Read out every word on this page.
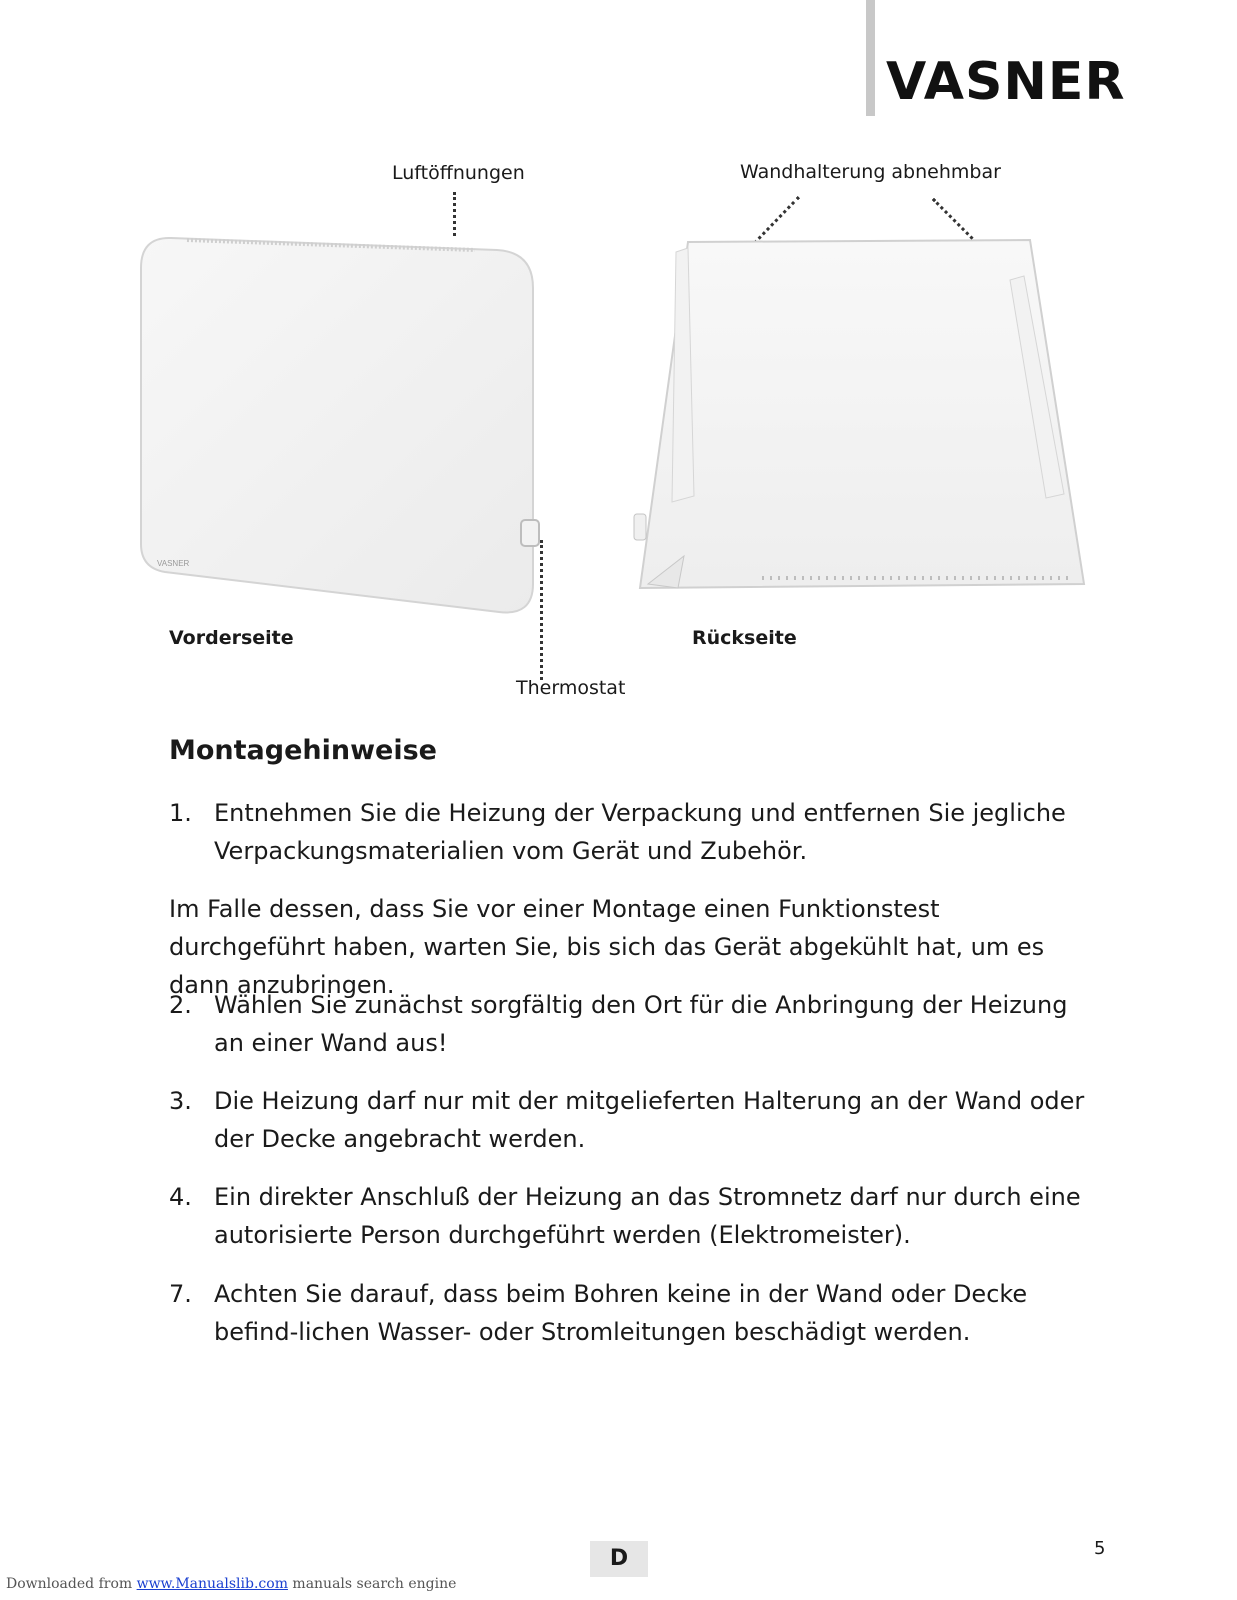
VASNER
Luftöffnungen	Wandhalterung abnehmbar
VASNER
Vorderseite	Rückseite
Thermostat
Montagehinweise
1. Entnehmen Sie die Heizung der Verpackung und entfernen Sie jegliche Verpackungsmaterialien vom Gerät und Zubehör.
Im Falle dessen, dass Sie vor einer Montage einen Funktionstest durchgeführt haben, warten Sie, bis sich das Gerät abgekühlt hat, um es dann anzubringen.
2. Wählen Sie zunächst sorgfältig den Ort für die Anbringung der Heizung an einer Wand aus!
3. Die Heizung darf nur mit der mitgelieferten Halterung an der Wand oder der Decke angebracht werden.
4. Ein direkter Anschluß der Heizung an das Stromnetz darf nur durch eine autorisierte Person durchgeführt werden (Elektromeister).
7. Achten Sie darauf, dass beim Bohren keine in der Wand oder Decke befind-lichen Wasser- oder Stromleitungen beschädigt werden.
D	5
Downloaded from www.Manualslib.com manuals search engine
